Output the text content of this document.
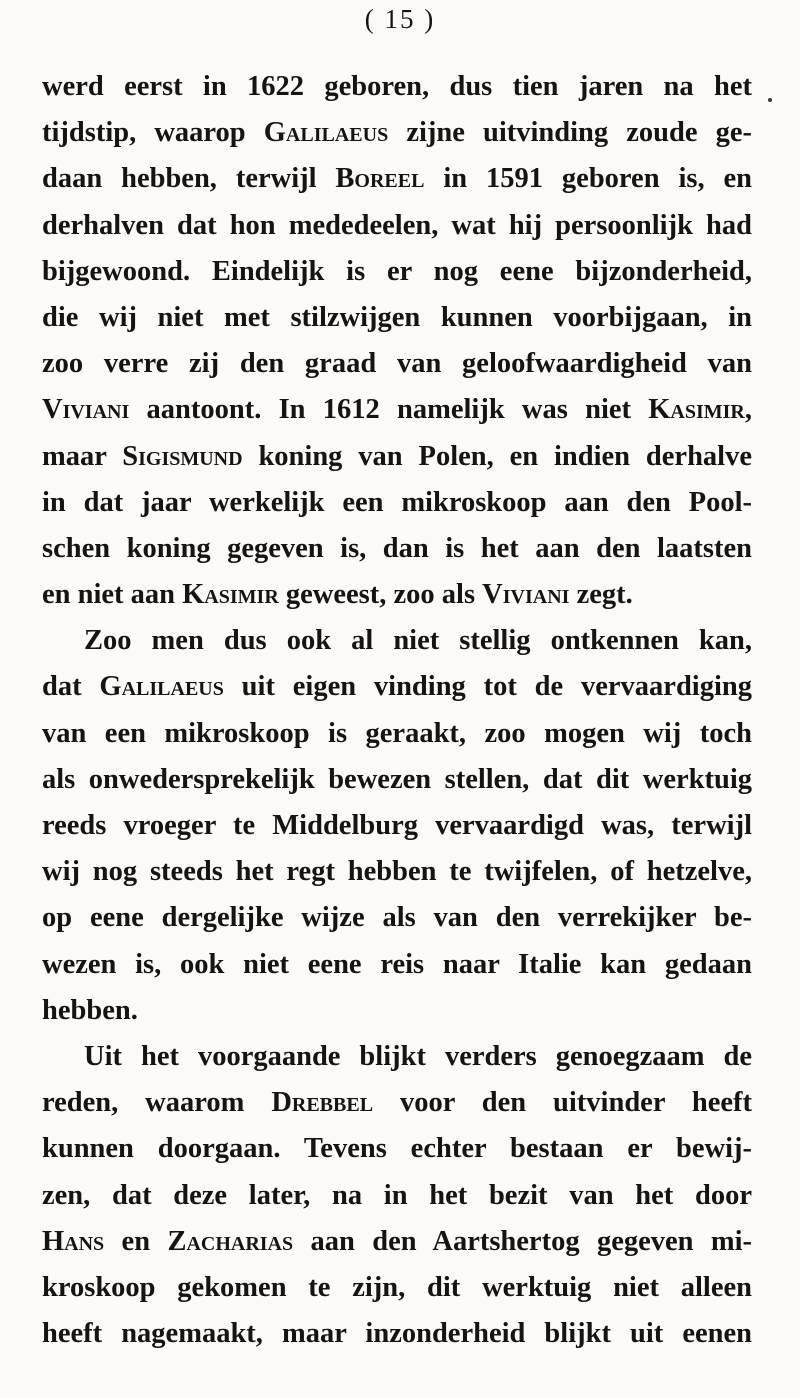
( 15 )
werd eerst in 1622 geboren, dus tien jaren na het
tijdstip, waarop Galilaeus zijne uitvinding zoude ge-
daan hebben, terwijl Boreel in 1591 geboren is, en
derhalven dat hon mededeelen, wat hij persoonlijk had
bijgewoond. Eindelijk is er nog eene bijzonderheid,
die wij niet met stilzwijgen kunnen voorbijgaan, in
zoo verre zij den graad van geloofwaardigheid van
Viviani aantoont. In 1612 namelijk was niet Kasimir,
maar Sigismund koning van Polen, en indien derhalve
in dat jaar werkelijk een mikroskoop aan den Pool-
schen koning gegeven is, dan is het aan den laatsten
en niet aan Kasimir geweest, zoo als Viviani zegt.
Zoo men dus ook al niet stellig ontkennen kan,
dat Galilaeus uit eigen vinding tot de vervaardiging
van een mikroskoop is geraakt, zoo mogen wij toch
als onwedersprekelijk bewezen stellen, dat dit werktuig
reeds vroeger te Middelburg vervaardigd was, terwijl
wij nog steeds het regt hebben te twijfelen, of hetzelve,
op eene dergelijke wijze als van den verrekijker be-
wezen is, ook niet eene reis naar Italie kan gedaan
hebben.
Uit het voorgaande blijkt verders genoegzaam de
reden, waarom Drebbel voor den uitvinder heeft
kunnen doorgaan. Tevens echter bestaan er bewij-
zen, dat deze later, na in het bezit van het door
Hans en Zacharias aan den Aartshertog gegeven mi-
kroskoop gekomen te zijn, dit werktuig niet alleen
heeft nagemaakt, maar inzonderheid blijkt uit eenen
